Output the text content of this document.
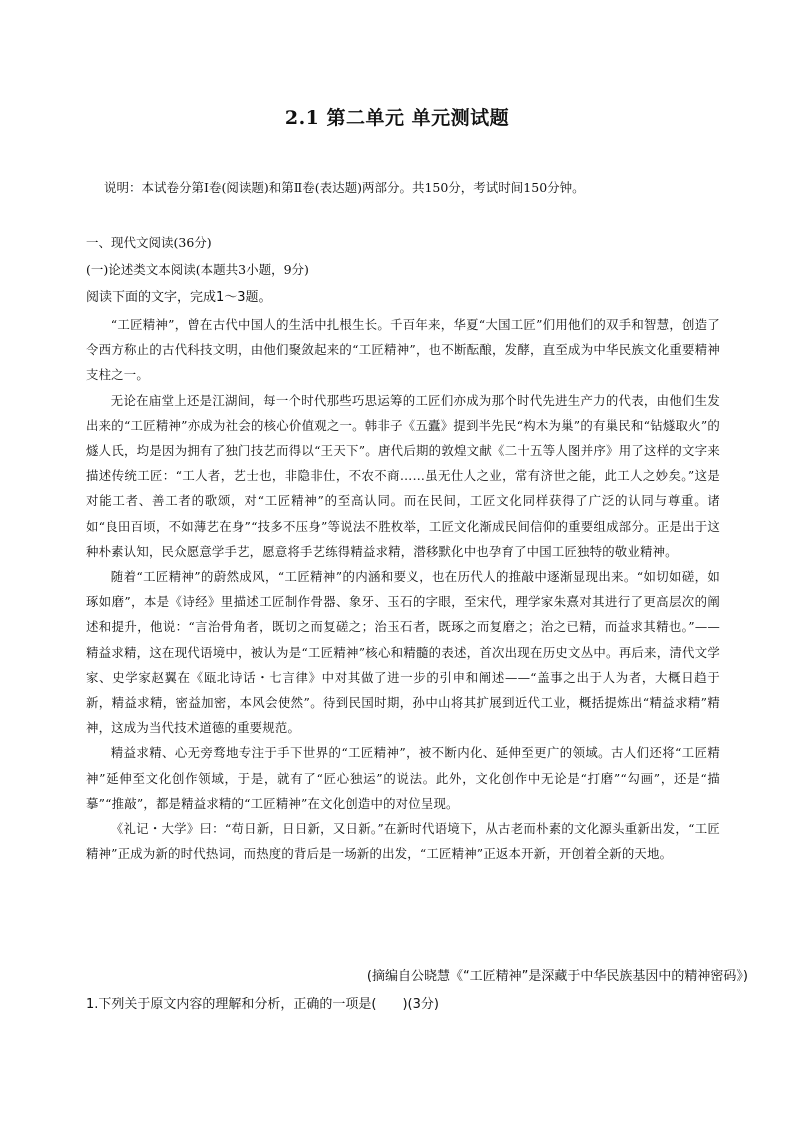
2.1 第二单元 单元测试题
说明：本试卷分第Ⅰ卷(阅读题)和第Ⅱ卷(表达题)两部分。共150分，考试时间150分钟。
一、现代文阅读(36分)
(一)论述类文本阅读(本题共3小题，9分)
阅读下面的文字，完成1～3题。

“工匠精神”，曾在古代中国人的生活中扎根生长。千百年来，华夏“大国工匠”们用他们的双手和智慧，创造了令西方称止的古代科技文明，由他们聚敛起来的“工匠精神”，也不断酝酿，发酵，直至成为中华民族文化重要精神支柱之一。

无论在庙堂上还是江湖间，每一个时代那些巧思运筹的工匠们亦成为那个时代先进生产力的代表，由他们生发出来的“工匠精神”亦成为社会的核心价值观之一。韩非子《五蠹》提到半先民“构木为巢”的有巢民和“钻燧取火”的燧人氏，均是因为拥有了独门技艺而得以“王天下”。唐代后期的敦煌文献《二十五等人图并序》用了这样的文字来描述传统工匠：“工人者，艺士也，非隐非仕，不农不商……虽无仕人之业，常有济世之能，此工人之妙矣。”这是对能工者、善工者的歌颂，对“工匠精神”的至高认同。而在民间，工匠文化同样获得了广泛的认同与尊重。诸如“良田百顷，不如薄艺在身”“技多不压身”等说法不胜枚举，工匠文化渐成民间信仰的重要组成部分。正是出于这种朴素认知，民众愿意学手艺，愿意将手艺练得精益求精，潜移默化中也孕育了中国工匠独特的敬业精神。

随着“工匠精神”的蔚然成风，“工匠精神”的内涵和要义，也在历代人的推敲中逐渐显现出来。“如切如磋，如琢如磨”，本是《诗经》里描述工匠制作骨器、象牙、玉石的字眼，至宋代，理学家朱熹对其进行了更高层次的阐述和提升，他说：“言治骨角者，既切之而复磋之；治玉石者，既琢之而复磨之；治之已精，而益求其精也。”——精益求精，这在现代语境中，被认为是“工匠精神”核心和精髓的表述，首次出现在历史文丛中。再后来，清代文学家、史学家赵翼在《瓯北诗话・七言律》中对其做了进一步的引申和阐述——“盖事之出于人为者，大概日趋于新，精益求精，密益加密，本风会使然”。待到民国时期，孙中山将其扩展到近代工业，概括提炼出“精益求精”精神，这成为当代技术道德的重要规范。

精益求精、心无旁骛地专注于手下世界的“工匠精神”，被不断内化、延伸至更广的领域。古人们还将“工匠精神”延伸至文化创作领域，于是，就有了“匠心独运”的说法。此外，文化创作中无论是“打磨”“勾画”，还是“描摹”“推敲”，都是精益求精的“工匠精神”在文化创造中的对位呈现。

《礼记・大学》曰：“苟日新，日日新，又日新。”在新时代语境下，从古老而朴素的文化源头重新出发，“工匠精神”正成为新的时代热词，而热度的背后是一场新的出发，“工匠精神”正返本开新，开创着全新的天地。

(摘编自公晓慧《“工匠精神”是深藏于中华民族基因中的精神密码》)
1.下列关于原文内容的理解和分析，正确的一项是(　　)(3分)
